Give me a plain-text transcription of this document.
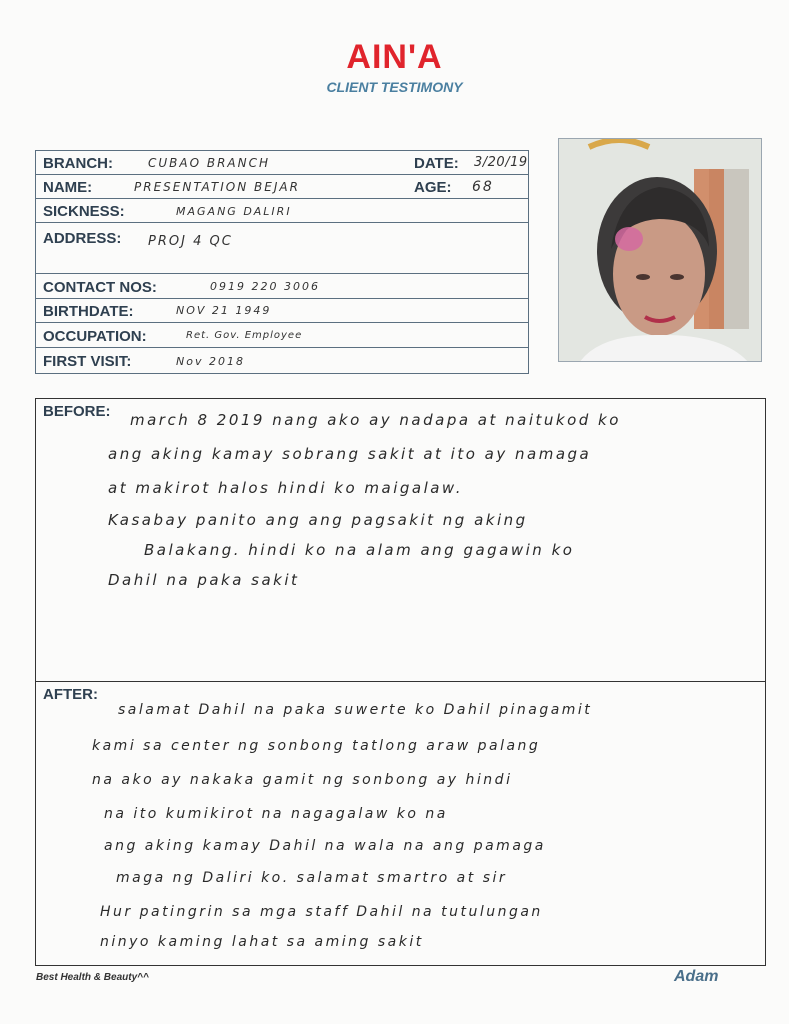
AIN'A
CLIENT TESTIMONY
BRANCH:	CUBAO BRANCH	DATE: 3/20/19
NAME:	PRESENTATION BEJAR	AGE: 68
SICKNESS:	MAGANG DALIRI
ADDRESS: PROJ 4 QC
CONTACT NOS:	0919 220 3006
BIRTHDATE:	NOV 21 1949
OCCUPATION:	Ret. Gov. Employee
FIRST VISIT:	Nov 2018
BEFORE: march 8 2019 nang ako ay nadapa at naitukod ko
ang aking kamay sobrang sakit at ito ay namaga
at makirot halos hindi ko maigalaw.
Kasabay panito ang ang pagsakit ng aking
Balakang. hindi ko na alam ang gagawin ko
Dahil na paka sakit
AFTER:
salamat Dahil na paka suwerte ko Dahil pinagamit
kami sa center ng sonbong tatlong araw palang
na ako ay nakaka gamit ng sonbong ay hindi
na ito kumikirot na nagagalaw ko na
ang aking kamay Dahil na wala na ang pamaga
maga ng Daliri ko. salamat smartro at sir
Hur patingrin sa mga staff Dahil na tutulungan
ninyo kaming lahat sa aming sakit
Best Health & Beauty^^	Adam
